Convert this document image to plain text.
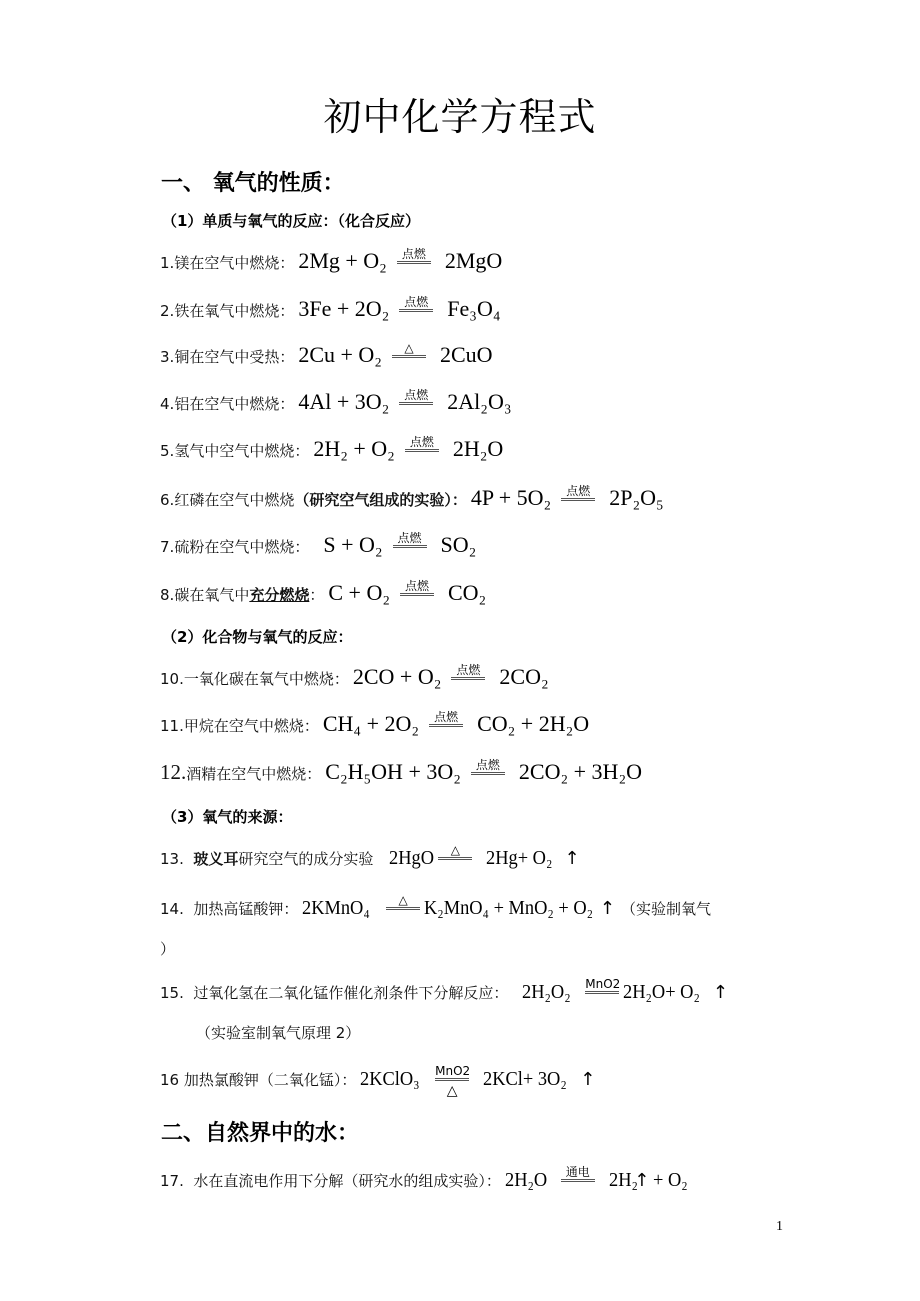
初中化学方程式
一、 氧气的性质：
（1）单质与氧气的反应：（化合反应）
1.镁在空气中燃烧： 2Mg + O₂	点燃 2MgO
2.铁在氧气中燃烧： 3Fe + 2O₂	点燃 Fe₃O₄
3.铜在空气中受热： 2Cu + O₂	△	2CuO
4.铝在空气中燃烧： 4Al + 3O₂	点燃 2Al₂O₃
5.氢气中空气中燃烧： 2H₂ + O₂	点燃 2H₂O
6.红磷在空气中燃烧（研究空气组成的实验）： 4P + 5O₂	点燃 2P₂O₅
7.硫粉在空气中燃烧： S + O₂	点燃 SO₂
8.碳在氧气中充分燃烧： C + O₂	点燃 CO₂
（2）化合物与氧气的反应：
10.一氧化碳在氧气中燃烧： 2CO + O₂	点燃 2CO₂
11.甲烷在空气中燃烧： CH₄ + 2O₂	点燃 CO₂ + 2H₂O
12.酒精在空气中燃烧： C₂H₅OH + 3O₂	点燃 2CO₂ + 3H₂O
（3）氧气的来源：
13. 玻义耳研究空气的成分实验 2HgO	△	2Hg+ O₂ ↑
14. 加热高锰酸钾： 2KMnO₄	△ K₂MnO₄ + MnO₂ + O₂ ↑ （实验制氧气
）
15. 过氧化氢在二氧化锰作催化剂条件下分解反应： 2H₂O₂ MnO2 2H₂O+ O₂ ↑
（实验室制氧气原理 2）
16 加热氯酸钾（二氧化锰）： 2KClO₃ MnO2
△
2KCl+ 3O₂ ↑
二、自然界中的水：
17. 水在直流电作用下分解（研究水的组成实验）： 2H₂O	通电 2H₂
↑ + O₂
1
